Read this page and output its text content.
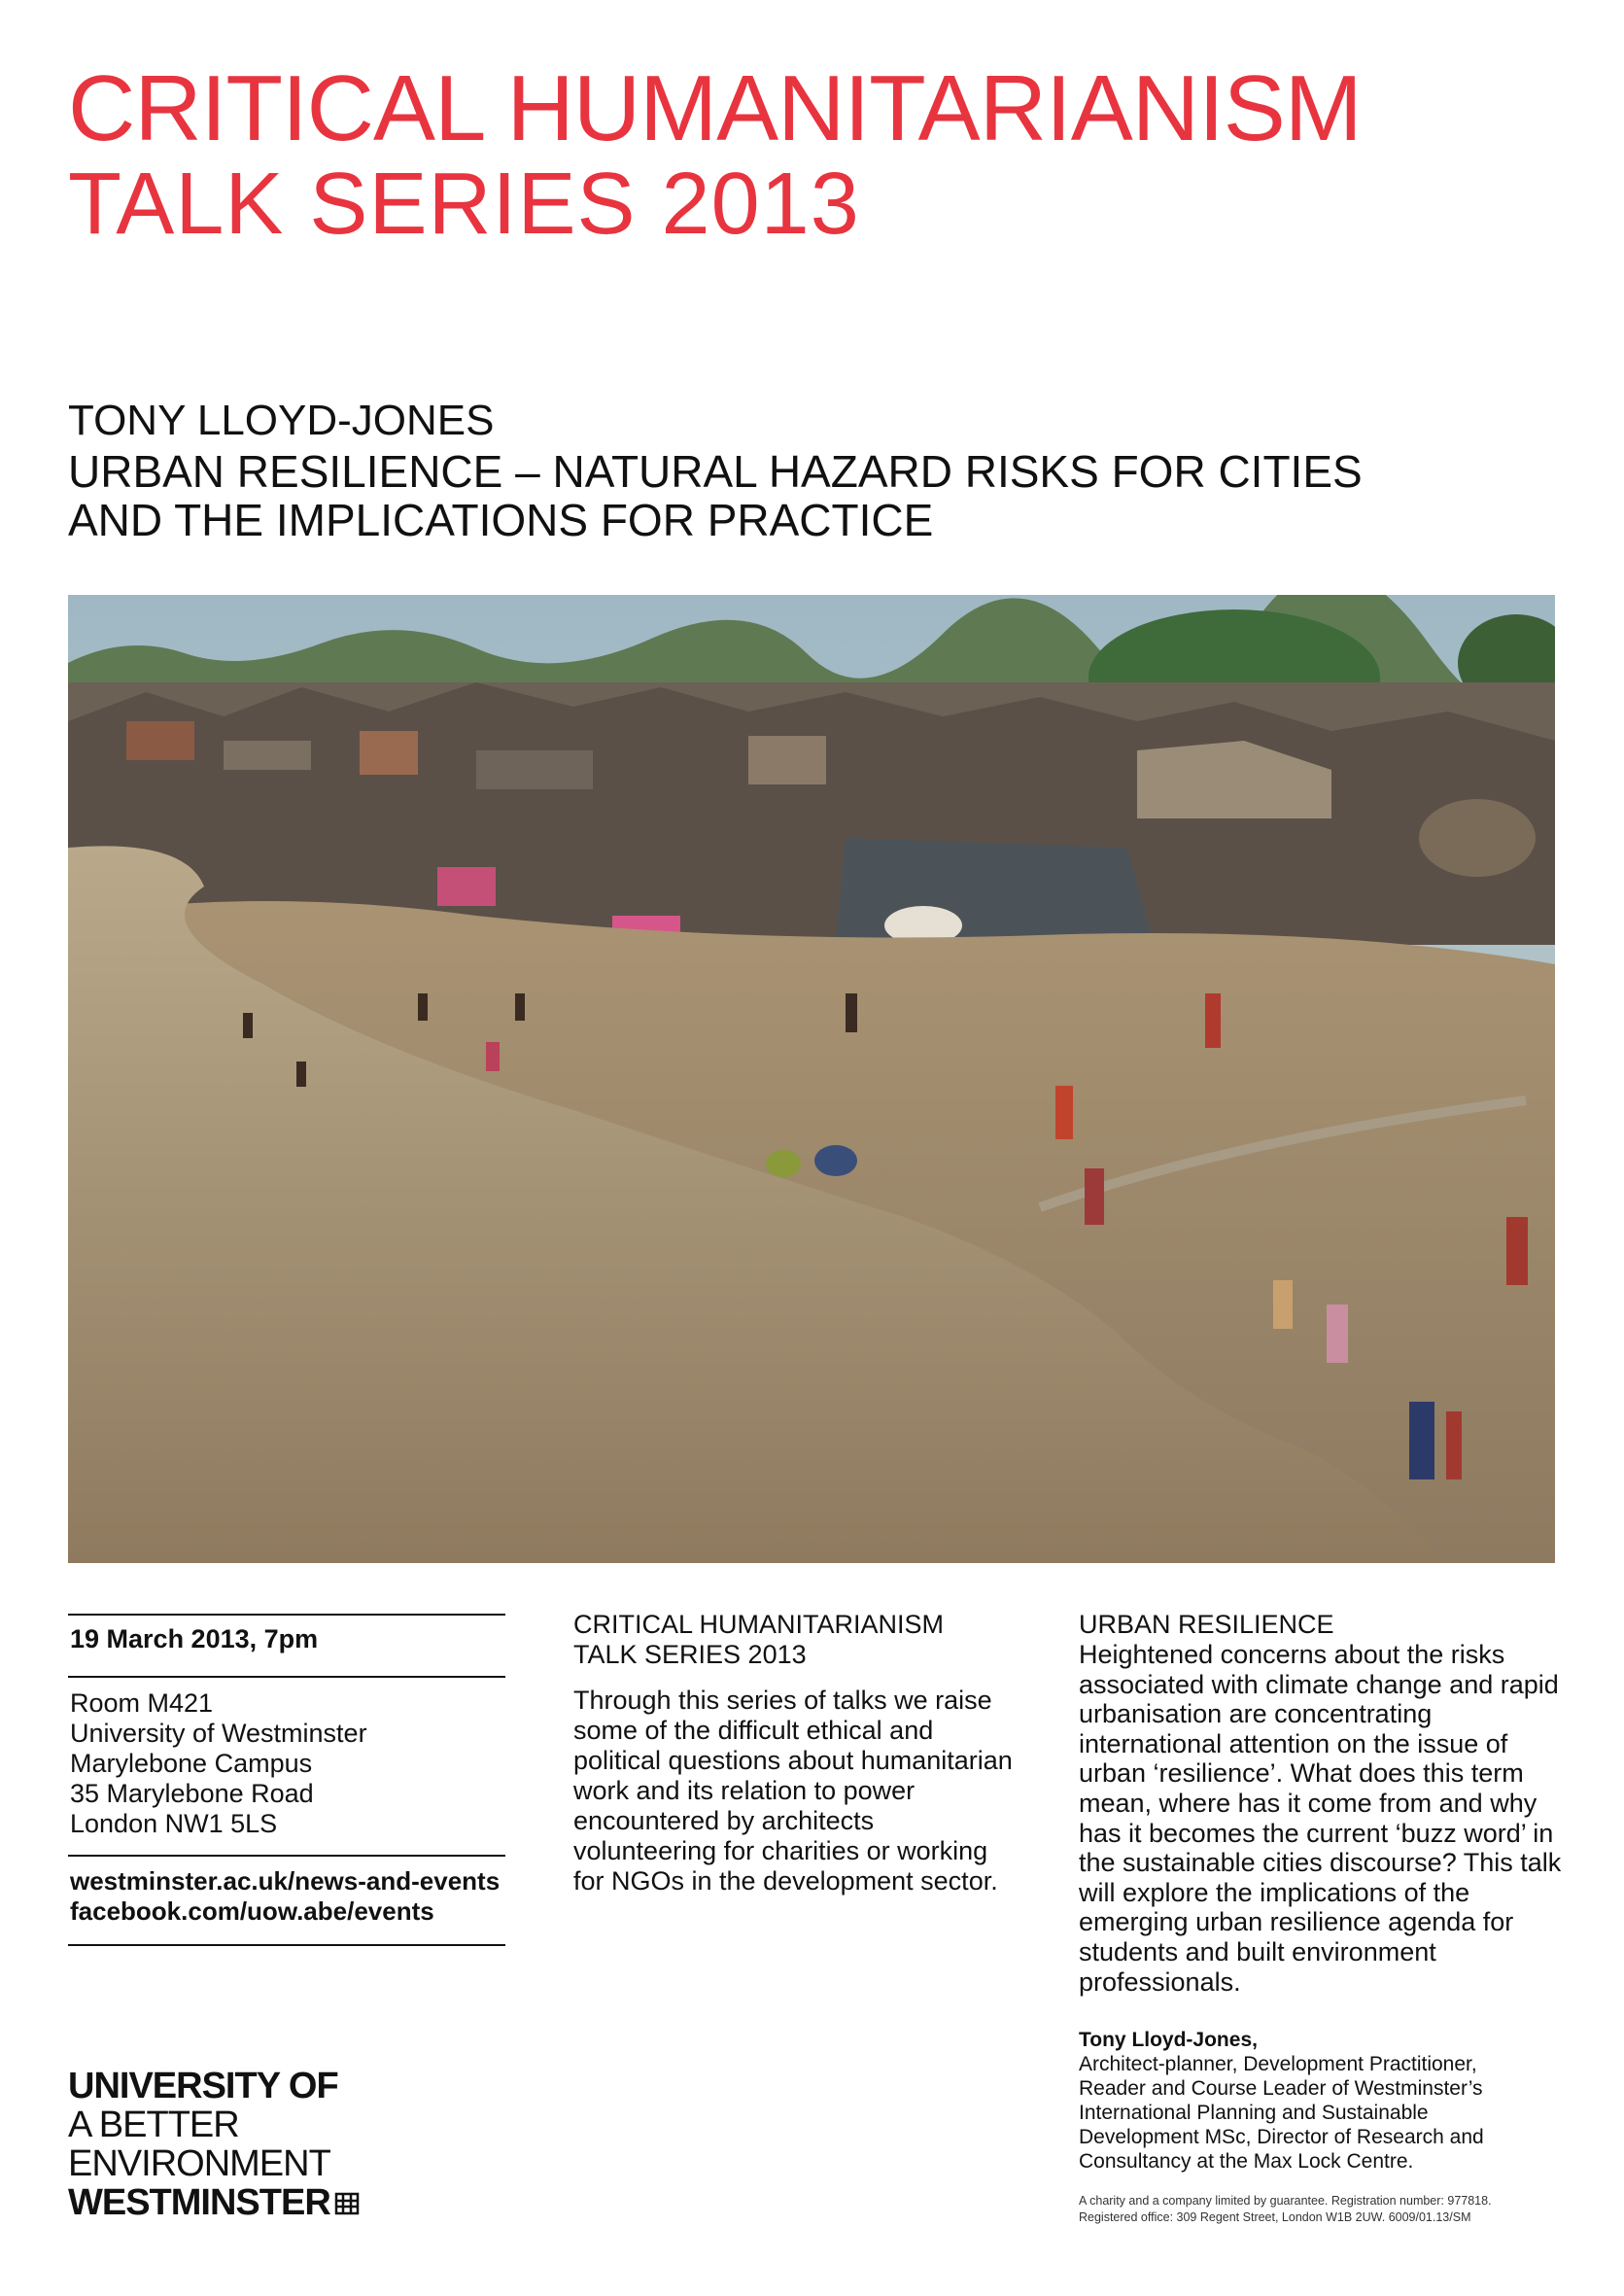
CRITICAL HUMANITARIANISM
TALK SERIES 2013
TONY LLOYD-JONES
URBAN RESILIENCE – NATURAL HAZARD RISKS FOR CITIES
AND THE IMPLICATIONS FOR PRACTICE
19 March 2013, 7pm
Room M421
University of Westminster
Marylebone Campus
35 Marylebone Road
London NW1 5LS
westminster.ac.uk/news-and-events
facebook.com/uow.abe/events
CRITICAL HUMANITARIANISM
TALK SERIES 2013
Through this series of talks we raise some of the difficult ethical and political questions about humanitarian work and its relation to power encountered by architects volunteering for charities or working for NGOs in the development sector.
URBAN RESILIENCE
Heightened concerns about the risks associated with climate change and rapid urbanisation are concentrating international attention on the issue of urban ‘resilience’. What does this term mean, where has it come from and why has it becomes the current ‘buzz word’ in the sustainable cities discourse? This talk will explore the implications of the emerging urban resilience agenda for students and built environment professionals.
Tony Lloyd-Jones,
Architect-planner, Development Practitioner, Reader and Course Leader of Westminster’s International Planning and Sustainable Development MSc, Director of Research and Consultancy at the Max Lock Centre.
A charity and a company limited by guarantee. Registration number: 977818.
Registered office: 309 Regent Street, London W1B 2UW. 6009/01.13/SM
UNIVERSITY OF
A BETTER
ENVIRONMENT
WESTMINSTER
